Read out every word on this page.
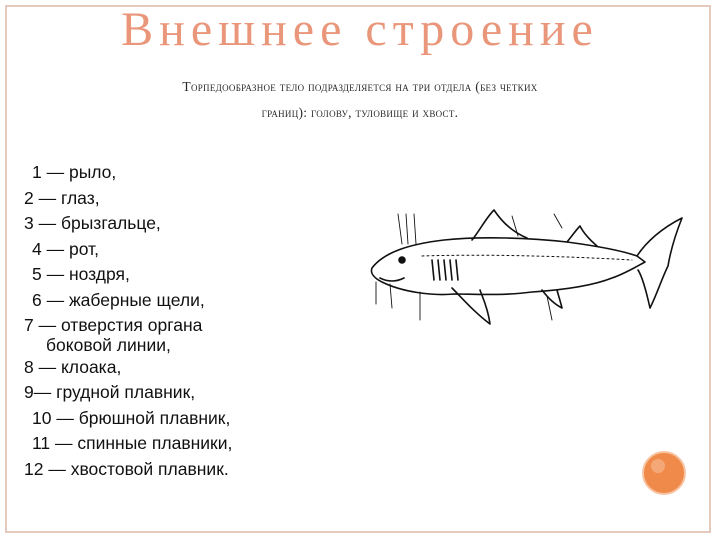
Внешнее строение
Торпедообразное тело подразделяется на три отдела (без четких
границ): голову, туловище и хвост.
1 — рыло,
2 — глаз,
3 — брызгальце,
4 — рот,
5 — ноздря,
6 — жаберные щели,
7 — отверстия органа
боковой линии,
8 — клоака,
9— грудной плавник,
10 — брюшной плавник,
11 — спинные плавники,
12 — хвостовой плавник.
